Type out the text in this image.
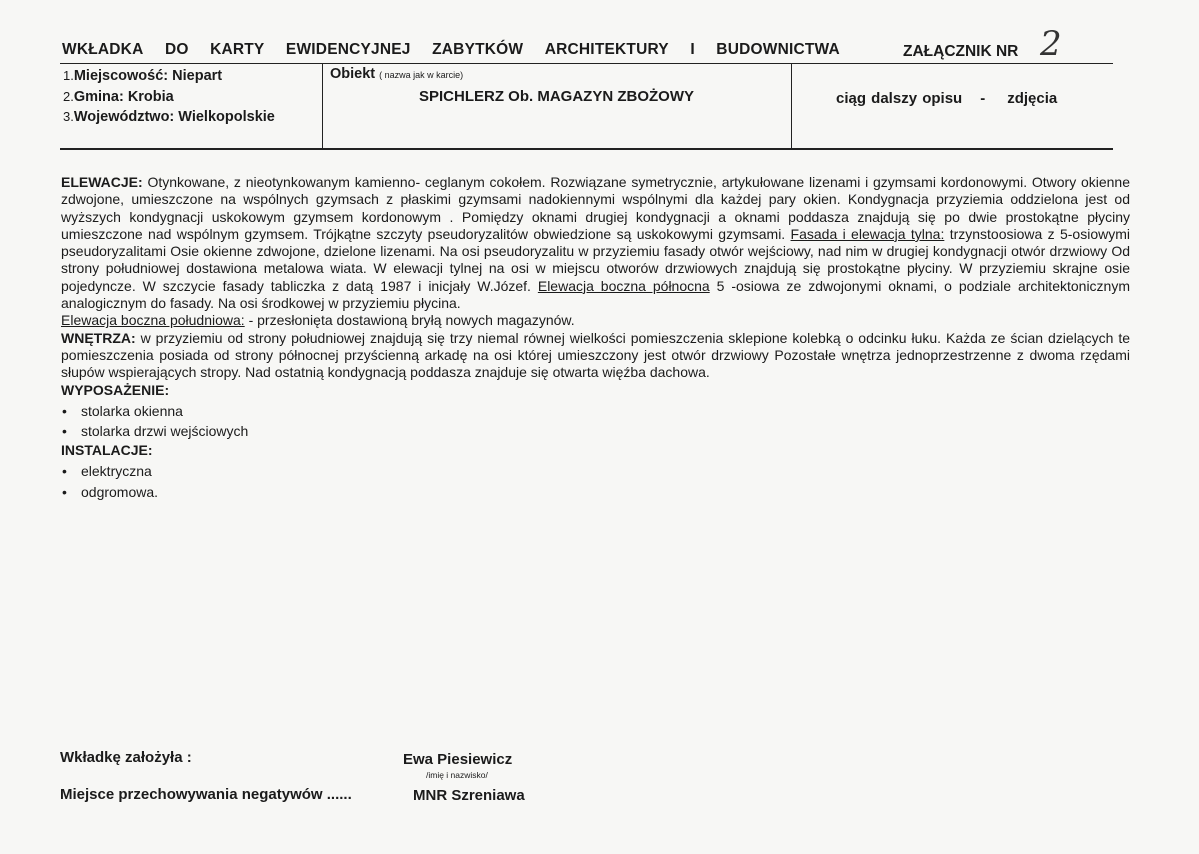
WKŁADKA DO KARTY EWIDENCYJNEJ ZABYTKÓW ARCHITEKTURY I BUDOWNICTWA	ZAŁĄCZNIK NR 2
1.Miejscowość: Niepart
2.Gmina: Krobia
3.Województwo: Wielkopolskie
Obiekt ( nazwa jak w karcie)
SPICHLERZ Ob. MAGAZYN ZBOŻOWY	ciąg dalszy opisu - zdjęcia

ELEWACJE: Otynkowane, z nieotynkowanym kamienno- ceglanym cokołem. Rozwiązane symetrycznie, artykułowane lizenami i gzymsami kordonowymi. Otwory okienne zdwojone, umieszczone na wspólnych gzymsach z płaskimi gzymsami nadokiennymi wspólnymi dla każdej pary okien. Kondygnacja przyziemia oddzielona jest od wyższych kondygnacji uskokowym gzymsem kordonowym . Pomiędzy oknami drugiej kondygnacji a oknami poddasza znajdują się po dwie prostokątne płyciny umieszczone nad wspólnym gzymsem. Trójkątne szczyty pseudoryzalitów obwiedzione są uskokowymi gzymsami. Fasada i elewacja tylna: trzynstoosiowa z 5-osiowymi pseudoryzalitami Osie okienne zdwojone, dzielone lizenami. Na osi pseudoryzalitu w przyziemiu fasady otwór wejściowy, nad nim w drugiej kondygnacji otwór drzwiowy Od strony południowej dostawiona metalowa wiata. W elewacji tylnej na osi w miejscu otworów drzwiowych znajdują się prostokątne płyciny. W przyziemiu skrajne osie pojedyncze. W szczycie fasady tabliczka z datą 1987 i inicjały W.Józef. Elewacja boczna północna 5 -osiowa ze zdwojonymi oknami, o podziale architektonicznym analogicznym do fasady. Na osi środkowej w przyziemiu płycina.
Elewacja boczna południowa: - przesłonięta dostawioną bryłą nowych magazynów.

WNĘTRZA: w przyziemiu od strony południowej znajdują się trzy niemal równej wielkości pomieszczenia sklepione kolebką o odcinku łuku. Każda ze ścian dzielących te pomieszczenia posiada od strony północnej przyścienną arkadę na osi której umieszczony jest otwór drzwiowy Pozostałe wnętrza jednoprzestrzenne z dwoma rzędami słupów wspierających stropy. Nad ostatnią kondygnacją poddasza znajduje się otwarta więźba dachowa.

WYPOSAŻENIE:

• stolarka okienna
• stolarka drzwi wejściowych

INSTALACJE:

• elektryczna
• odgromowa.
Wkładkę założyła :	Ewa Piesiewicz
/imię i nazwisko/
Miejsce przechowywania negatywów ......	MNR Szreniawa
